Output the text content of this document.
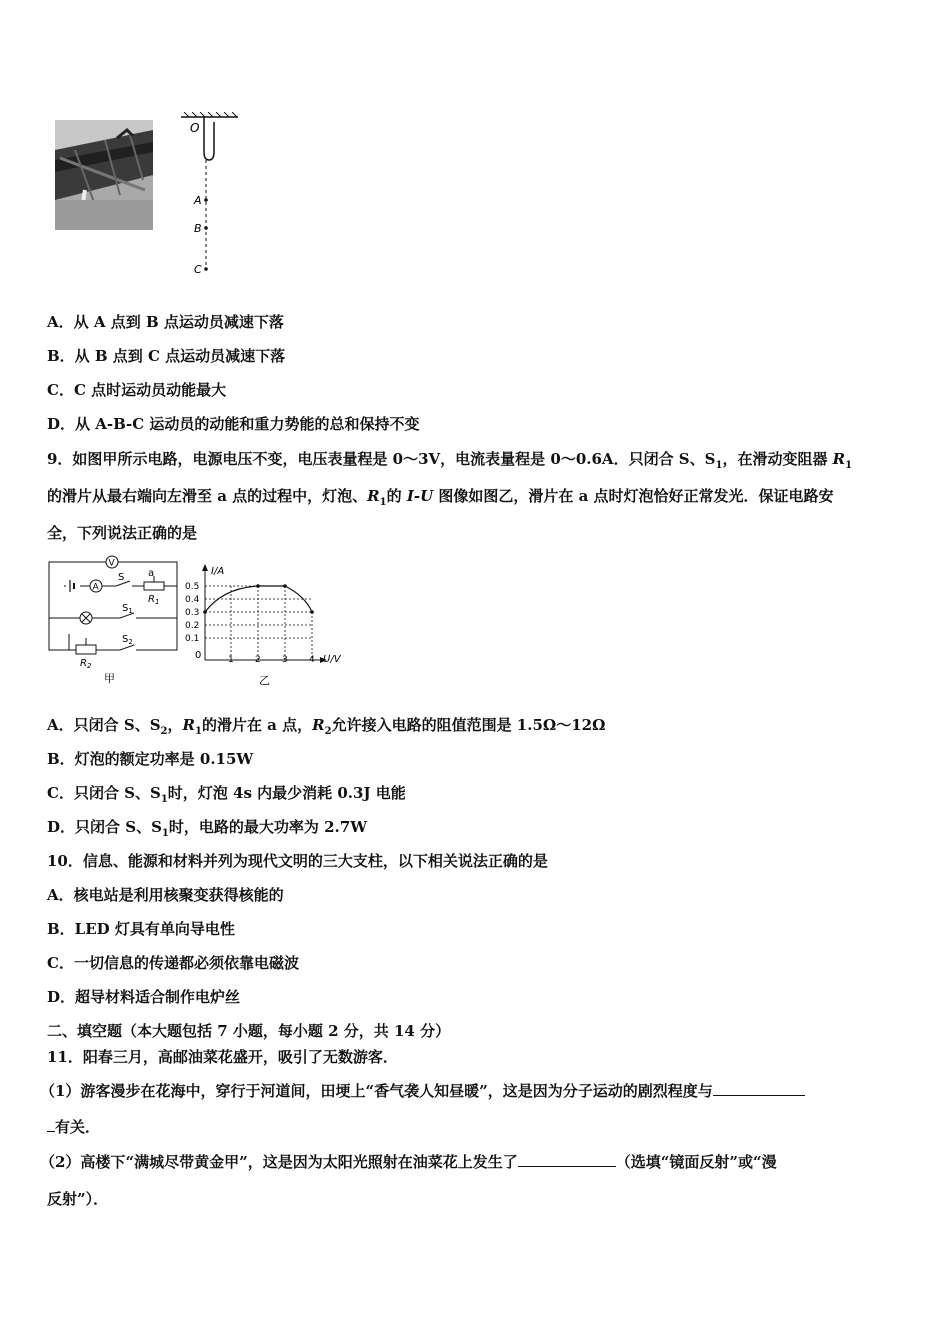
O
A
B
C
A．从 A 点到 B 点运动员减速下落
B．从 B 点到 C 点运动员减速下落
C．C 点时运动员动能最大
D．从 A-B-C 运动员的动能和重力势能的总和保持不变
9．如图甲所示电路，电源电压不变，电压表量程是 0～3V，电流表量程是 0～0.6A．只闭合 S、$S_1$，在滑动变阻器 $R_1$
的滑片从最右端向左滑至 a 点的过程中，灯泡、$R_1$的 I-U 图像如图乙，滑片在 a 点时灯泡恰好正常发光．保证电路安
全，下列说法正确的是
V
A
S a
$R_1$
$S_1$
$S_2$
$R_2$
甲
I/A
U/V
0
0.5
0.4
0.3
0.2
0.1
1 2 3 4
乙
A．只闭合 S、$S_2$，$R_1$的滑片在 a 点，$R_2$允许接入电路的阻值范围是 1.5Ω～12Ω
B．灯泡的额定功率是 0.15W
C．只闭合 S、$S_1$时，灯泡 4s 内最少消耗 0.3J 电能
D．只闭合 S、$S_1$时，电路的最大功率为 2.7W
10．信息、能源和材料并列为现代文明的三大支柱，以下相关说法正确的是
A．核电站是利用核聚变获得核能的
B．LED 灯具有单向导电性
C．一切信息的传递都必须依靠电磁波
D．超导材料适合制作电炉丝
二、填空题（本大题包括 7 小题，每小题 2 分，共 14 分）
11．阳春三月，高邮油菜花盛开，吸引了无数游客．
（1）游客漫步在花海中，穿行于河道间，田埂上“香气袭人知昼暖”，这是因为分子运动的剧烈程度与
有关．
（2）高楼下“满城尽带黄金甲”，这是因为太阳光照射在油菜花上发生了	（选填“镜面反射”或“漫
反射”）．
